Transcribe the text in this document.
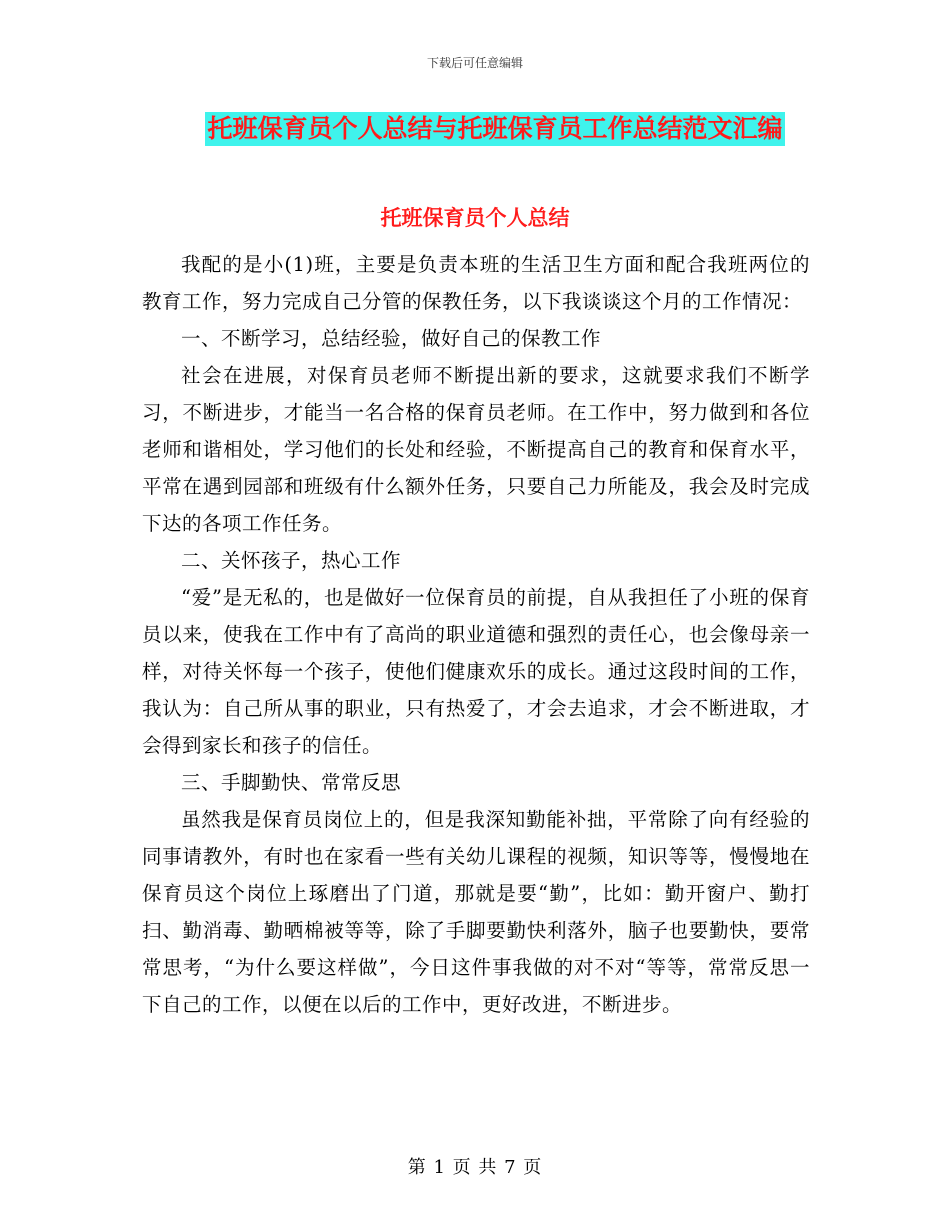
下载后可任意编辑
托班保育员个人总结与托班保育员工作总结范文汇编
托班保育员个人总结

我配的是小(1)班，主要是负责本班的生活卫生方面和配合我班两位的教育工作，努力完成自己分管的保教任务，以下我谈谈这个月的工作情况：

一、不断学习，总结经验，做好自己的保教工作

社会在进展，对保育员老师不断提出新的要求，这就要求我们不断学习，不断进步，才能当一名合格的保育员老师。在工作中，努力做到和各位老师和谐相处，学习他们的长处和经验，不断提高自己的教育和保育水平，平常在遇到园部和班级有什么额外任务，只要自己力所能及，我会及时完成下达的各项工作任务。

二、关怀孩子，热心工作

“爱”是无私的，也是做好一位保育员的前提，自从我担任了小班的保育员以来，使我在工作中有了高尚的职业道德和强烈的责任心，也会像母亲一样，对待关怀每一个孩子，使他们健康欢乐的成长。通过这段时间的工作，我认为：自己所从事的职业，只有热爱了，才会去追求，才会不断进取，才会得到家长和孩子的信任。

三、手脚勤快、常常反思

虽然我是保育员岗位上的，但是我深知勤能补拙，平常除了向有经验的同事请教外，有时也在家看一些有关幼儿课程的视频，知识等等，慢慢地在保育员这个岗位上琢磨出了门道，那就是要“勤”，比如：勤开窗户、勤打扫、勤消毒、勤晒棉被等等，除了手脚要勤快利落外，脑子也要勤快，要常常思考，“为什么要这样做”，今日这件事我做的对不对“等等，常常反思一下自己的工作，以便在以后的工作中，更好改进，不断进步。

第 1 页 共 7 页
